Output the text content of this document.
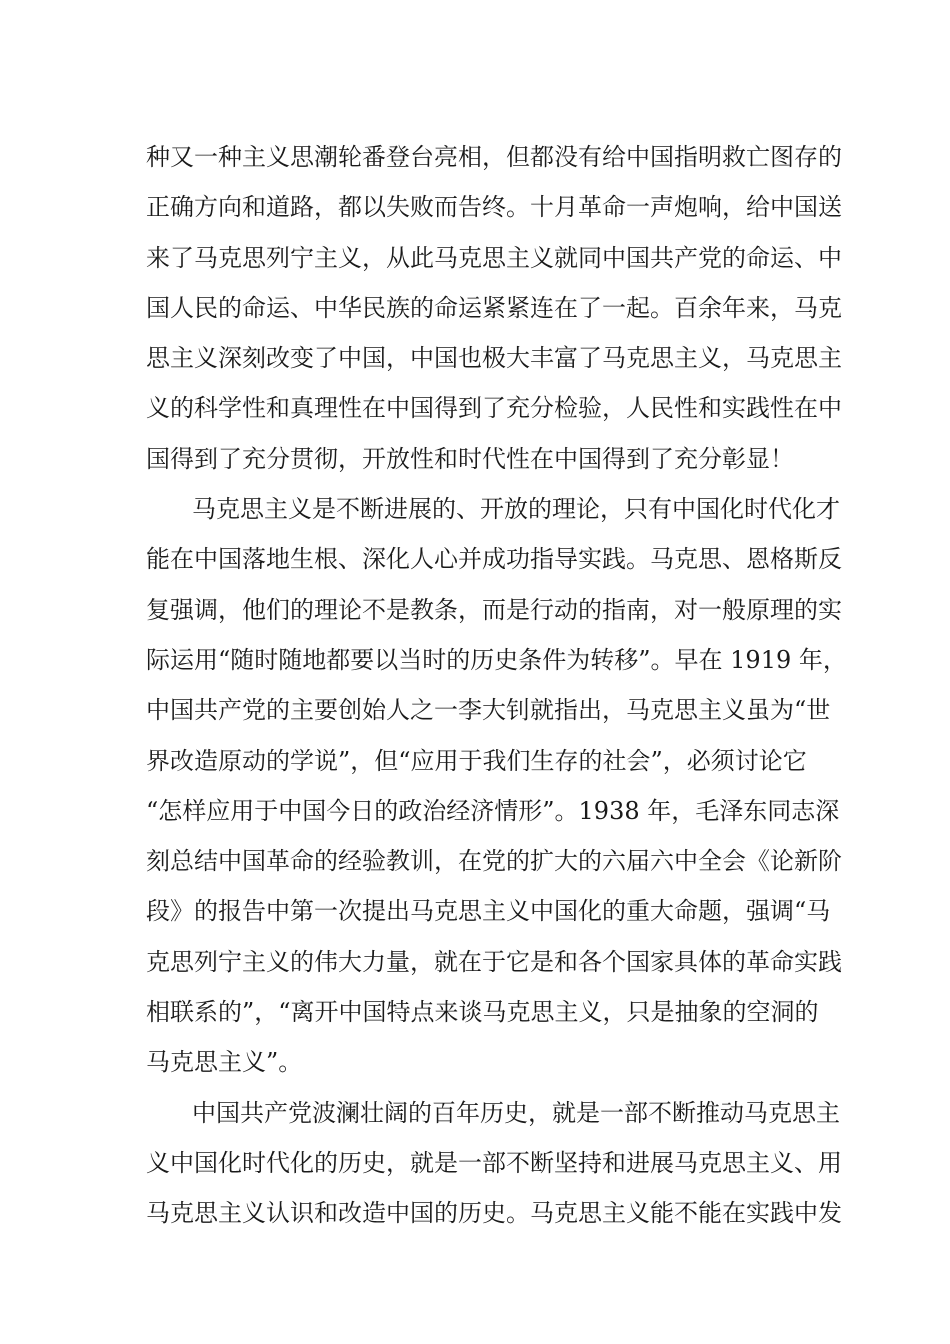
种又一种主义思潮轮番登台亮相，但都没有给中国指明救亡图存的
正确方向和道路，都以失败而告终。十月革命一声炮响，给中国送
来了马克思列宁主义，从此马克思主义就同中国共产党的命运、中
国人民的命运、中华民族的命运紧紧连在了一起。百余年来，马克
思主义深刻改变了中国，中国也极大丰富了马克思主义，马克思主
义的科学性和真理性在中国得到了充分检验，人民性和实践性在中
国得到了充分贯彻，开放性和时代性在中国得到了充分彰显！
马克思主义是不断进展的、开放的理论，只有中国化时代化才
能在中国落地生根、深化人心并成功指导实践。马克思、恩格斯反
复强调，他们的理论不是教条，而是行动的指南，对一般原理的实
际运用“随时随地都要以当时的历史条件为转移”。早在 1919 年，
中国共产党的主要创始人之一李大钊就指出，马克思主义虽为“世
界改造原动的学说”，但“应用于我们生存的社会”，必须讨论它
“怎样应用于中国今日的政治经济情形”。1938 年，毛泽东同志深
刻总结中国革命的经验教训，在党的扩大的六届六中全会《论新阶
段》的报告中第一次提出马克思主义中国化的重大命题，强调“马
克思列宁主义的伟大力量，就在于它是和各个国家具体的革命实践
相联系的”，“离开中国特点来谈马克思主义，只是抽象的空洞的
马克思主义”。
中国共产党波澜壮阔的百年历史，就是一部不断推动马克思主
义中国化时代化的历史，就是一部不断坚持和进展马克思主义、用
马克思主义认识和改造中国的历史。马克思主义能不能在实践中发
